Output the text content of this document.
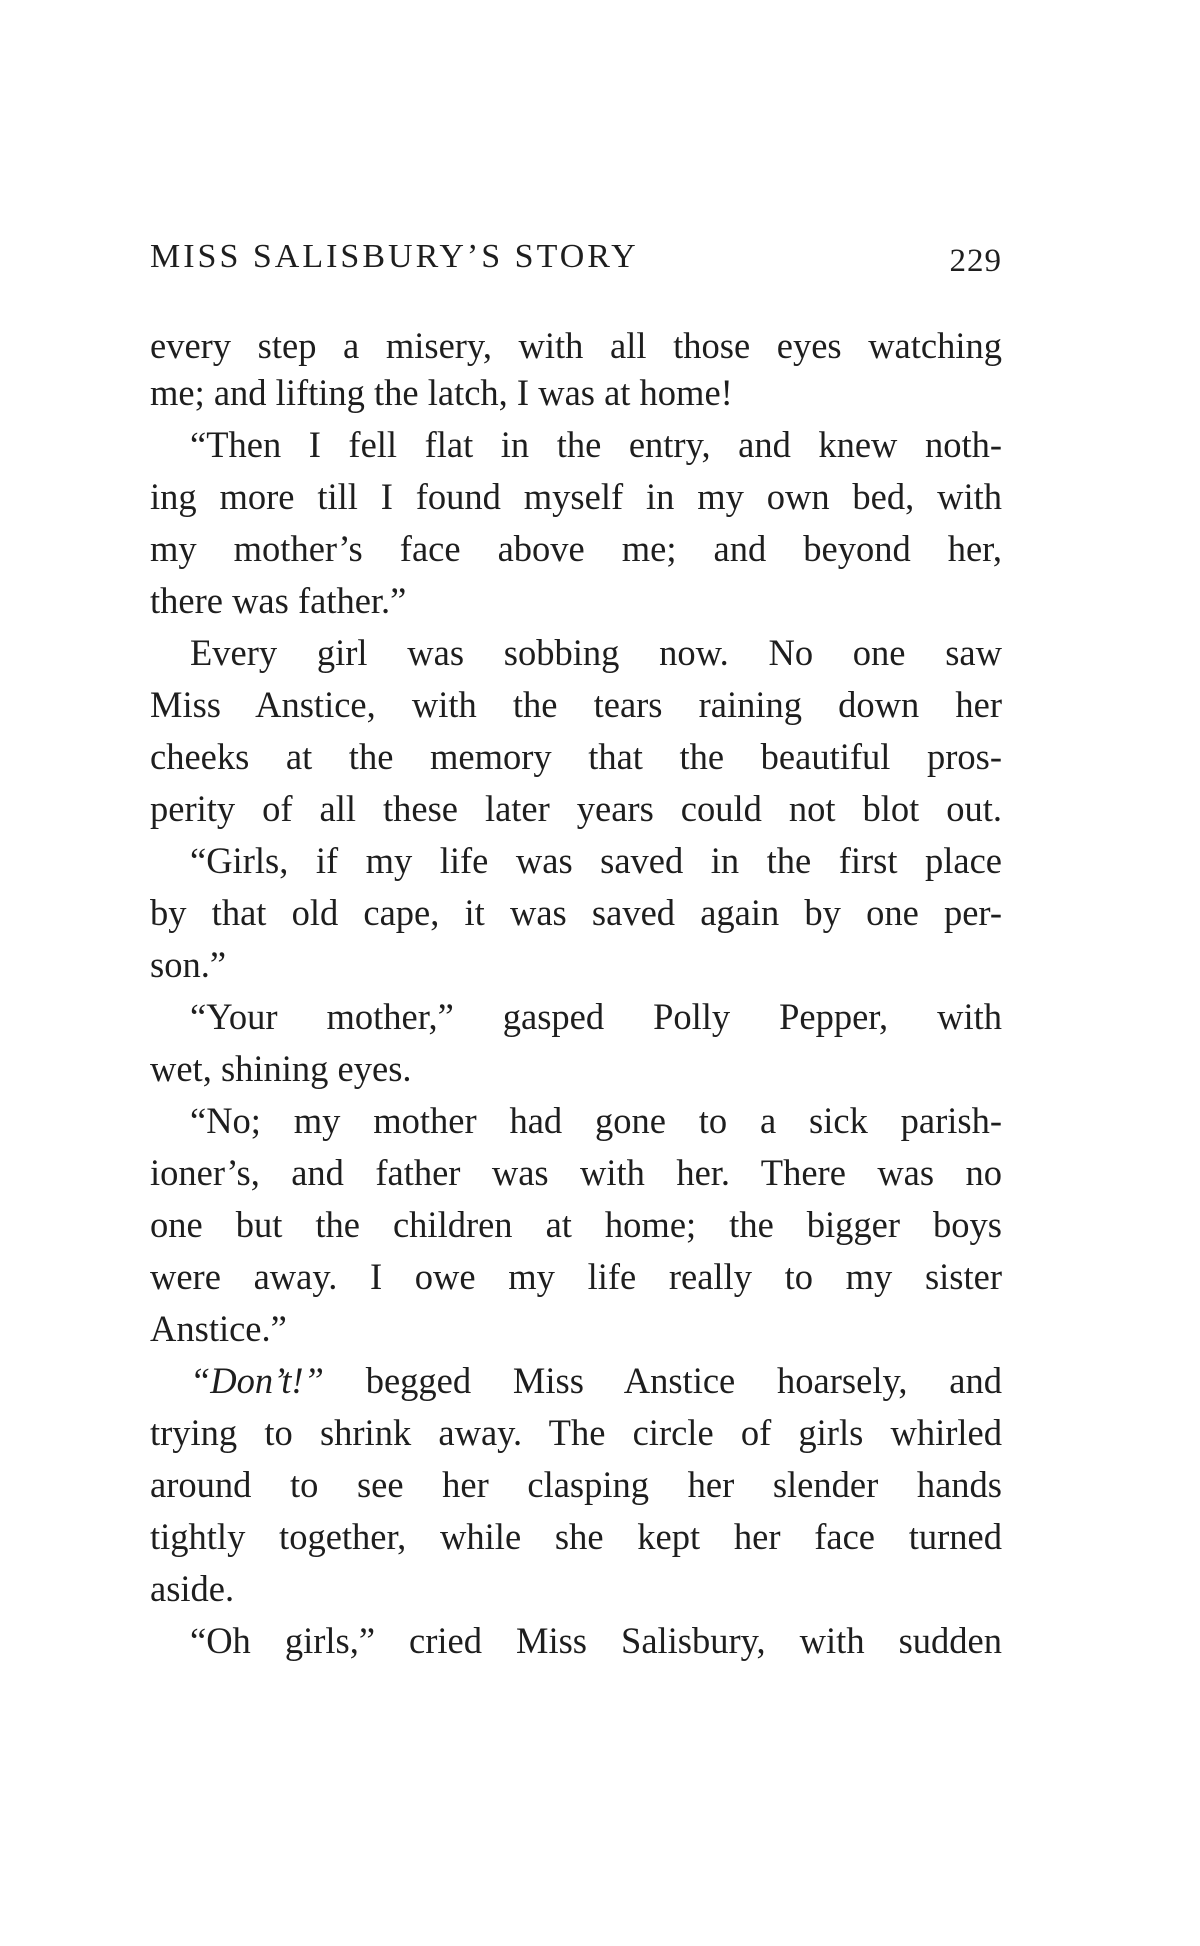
MISS SALISBURY’S STORY	229
every step a misery, with all those eyes watching
me; and lifting the latch, I was at home!
“Then I fell flat in the entry, and knew noth-
ing more till I found myself in my own bed, with
my mother’s face above me; and beyond her,
there was father.”
Every girl was sobbing now. No one saw
Miss Anstice, with the tears raining down her
cheeks at the memory that the beautiful pros-
perity of all these later years could not blot out.
“Girls, if my life was saved in the first place
by that old cape, it was saved again by one per-
son.”
“Your mother,” gasped Polly Pepper, with
wet, shining eyes.
“No; my mother had gone to a sick parish-
ioner’s, and father was with her. There was no
one but the children at home; the bigger boys
were away. I owe my life really to my sister
Anstice.”
“Don’t!” begged Miss Anstice hoarsely, and
trying to shrink away. The circle of girls whirled
around to see her clasping her slender hands
tightly together, while she kept her face turned
aside.
“Oh girls,” cried Miss Salisbury, with sudden
